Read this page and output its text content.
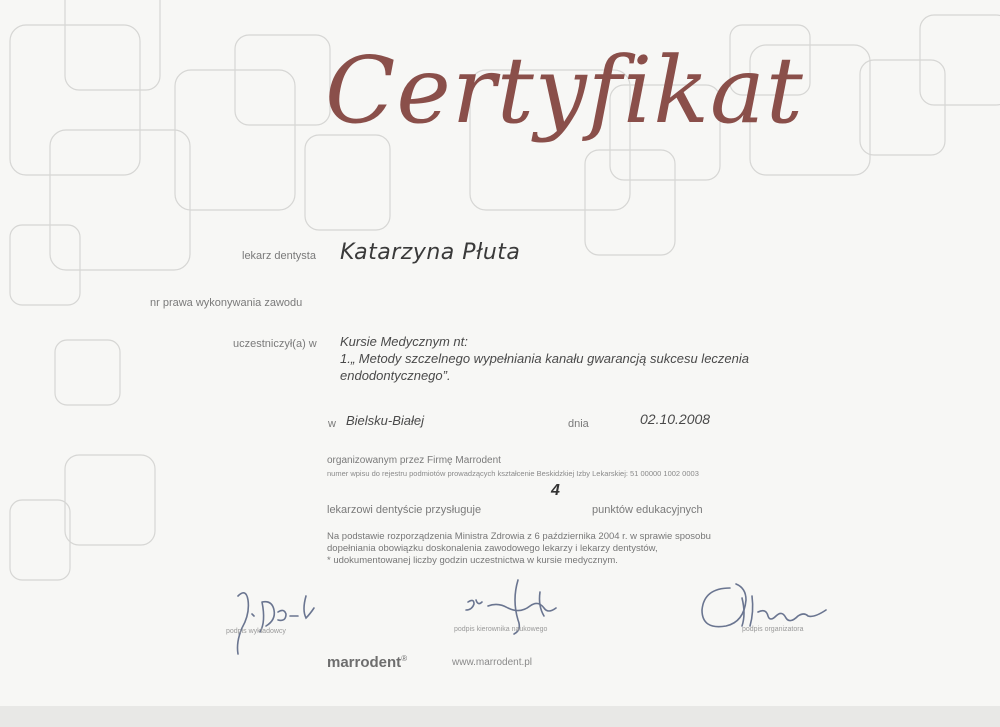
Certyfikat
lekarz dentysta Katarzyna Płuta
nr prawa wykonywania zawodu
uczestniczył(a) w Kursie Medycznym nt:
1.„ Metody szczelnego wypełniania kanału gwarancją sukcesu leczenia
endodontycznego”.
w Bielsku-Białej	dnia	02.10.2008
organizowanym przez Firmę Marrodent
numer wpisu do rejestru podmiotów prowadzących kształcenie Beskidzkiej Izby Lekarskiej: 51 00000 1002 0003
lekarzowi dentyście przysługuje
4
punktów edukacyjnych
Na podstawie rozporządzenia Ministra Zdrowia z 6 października 2004 r. w sprawie sposobu
dopełniania obowiązku doskonalenia zawodowego lekarzy i lekarzy dentystów,
* udokumentowanej liczby godzin uczestnictwa w kursie medycznym.
podpis wykładowcy	podpis kierownika naukowego	podpis organizatora
marrodent®	www.marrodent.pl
